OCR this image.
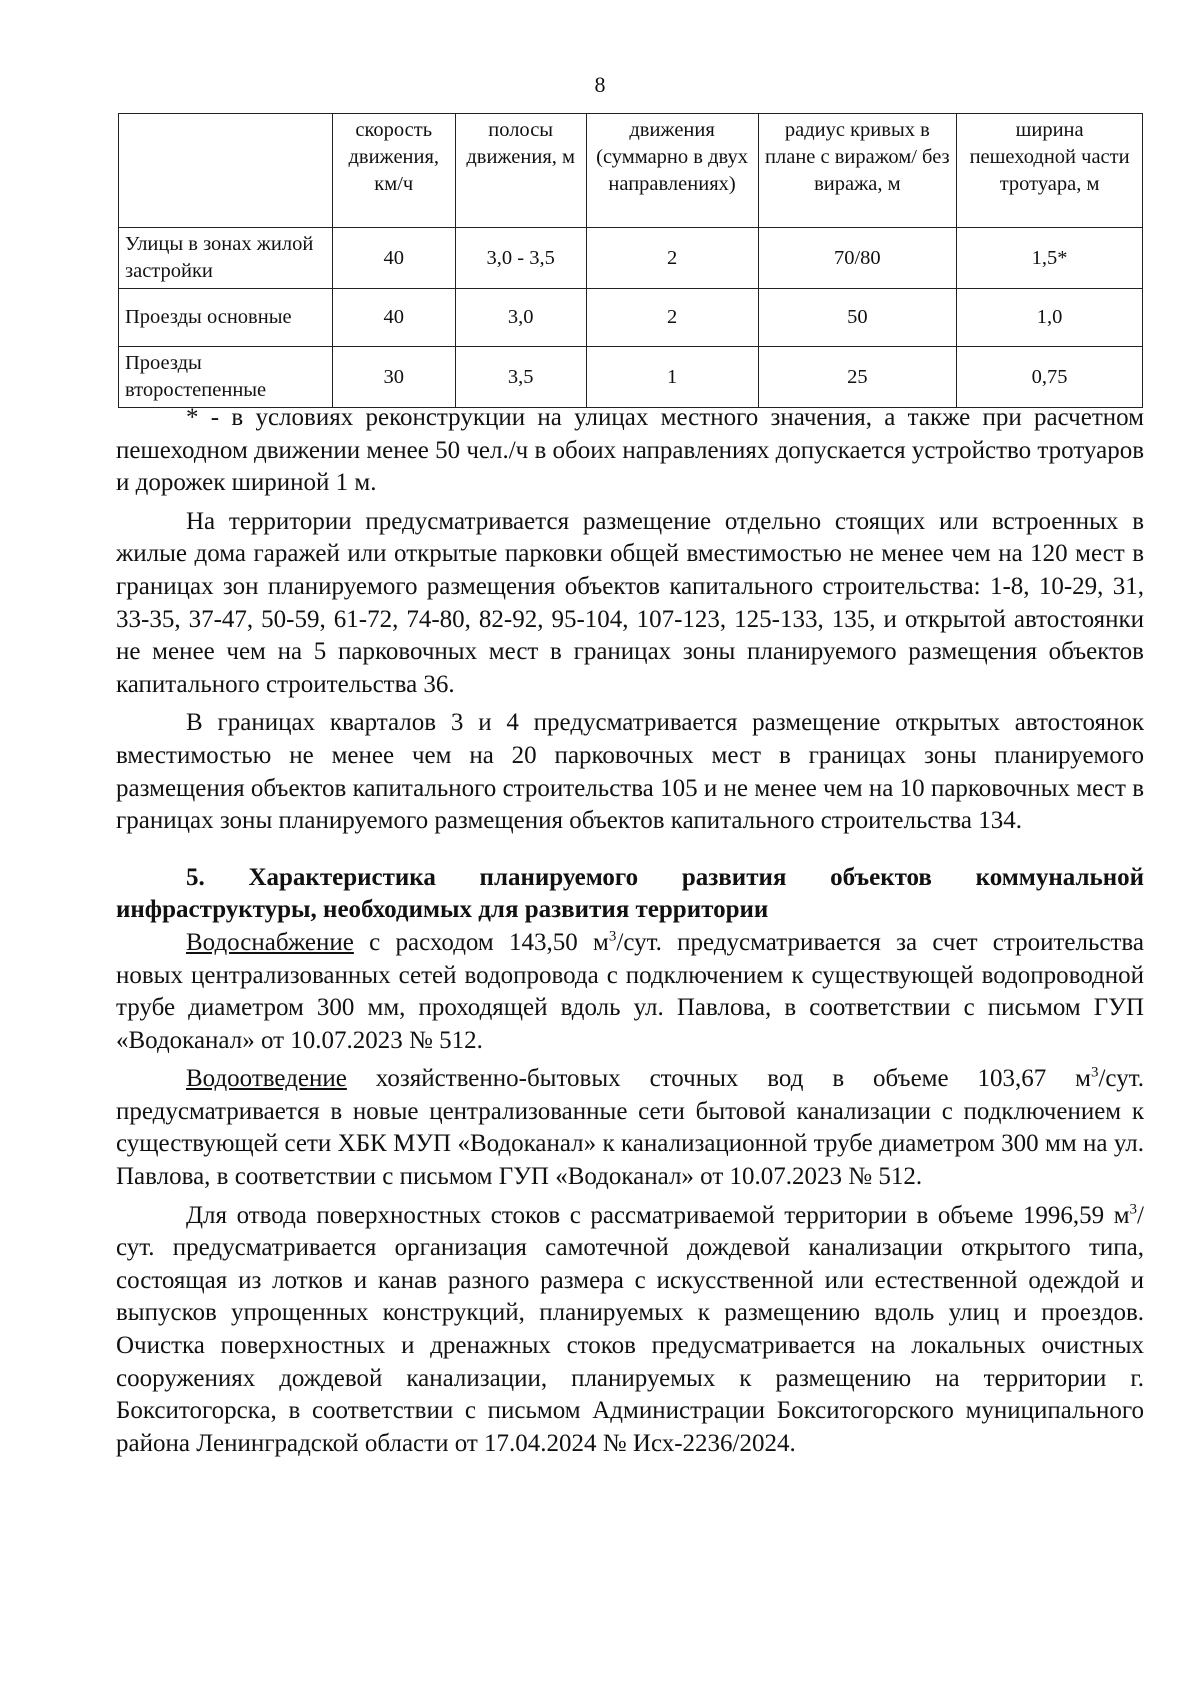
8
	скорость движения, км/ч	полосы движения, м	движения (суммарно в двух направлениях)	радиус кривых в плане с виражом/ без виража, м	ширина пешеходной части тротуара, м
Улицы в зонах жилой застройки	40	3,0 - 3,5	2	70/80	1,5*
Проезды основные	40	3,0	2	50	1,0
Проезды второстепенные	30	3,5	1	25	0,75

* - в условиях реконструкции на улицах местного значения, а также при расчетном пешеходном движении менее 50 чел./ч в обоих направлениях допускается устройство тротуаров и дорожек шириной 1 м.

На территории предусматривается размещение отдельно стоящих или встроенных в жилые дома гаражей или открытые парковки общей вместимостью не менее чем на 120 мест в границах зон планируемого размещения объектов капитального строительства: 1-8, 10-29, 31, 33-35, 37-47, 50-59, 61-72, 74-80, 82-92, 95-104, 107-123, 125-133, 135, и открытой автостоянки не менее чем на 5 парковочных мест в границах зоны планируемого размещения объектов капитального строительства 36.

В границах кварталов 3 и 4 предусматривается размещение открытых автостоянок вместимостью не менее чем на 20 парковочных мест в границах зоны планируемого размещения объектов капитального строительства 105 и не менее чем на 10 парковочных мест в границах зоны планируемого размещения объектов капитального строительства 134.

5. Характеристика планируемого развития объектов коммунальной инфраструктуры, необходимых для развития территории

Водоснабжение с расходом 143,50 $м^3$/сут. предусматривается за счет строительства новых централизованных сетей водопровода с подключением к существующей водопроводной трубе диаметром 300 мм, проходящей вдоль ул. Павлова, в соответствии с письмом ГУП «Водоканал» от 10.07.2023 № 512.

Водоотведение хозяйственно-бытовых сточных вод в объеме 103,67 $м^3$/сут. предусматривается в новые централизованные сети бытовой канализации с подключением к существующей сети ХБК МУП «Водоканал» к канализационной трубе диаметром 300 мм на ул. Павлова, в соответствии с письмом ГУП «Водоканал» от 10.07.2023 № 512.

Для отвода поверхностных стоков с рассматриваемой территории в объеме 1996,59 $м^3$/сут. предусматривается организация самотечной дождевой канализации открытого типа, состоящая из лотков и канав разного размера с искусственной или естественной одеждой и выпусков упрощенных конструкций, планируемых к размещению вдоль улиц и проездов. Очистка поверхностных и дренажных стоков предусматривается на локальных очистных сооружениях дождевой канализации, планируемых к размещению на территории г. Бокситогорска, в соответствии с письмом Администрации Бокситогорского муниципального района Ленинградской области от 17.04.2024 № Исх-2236/2024.
